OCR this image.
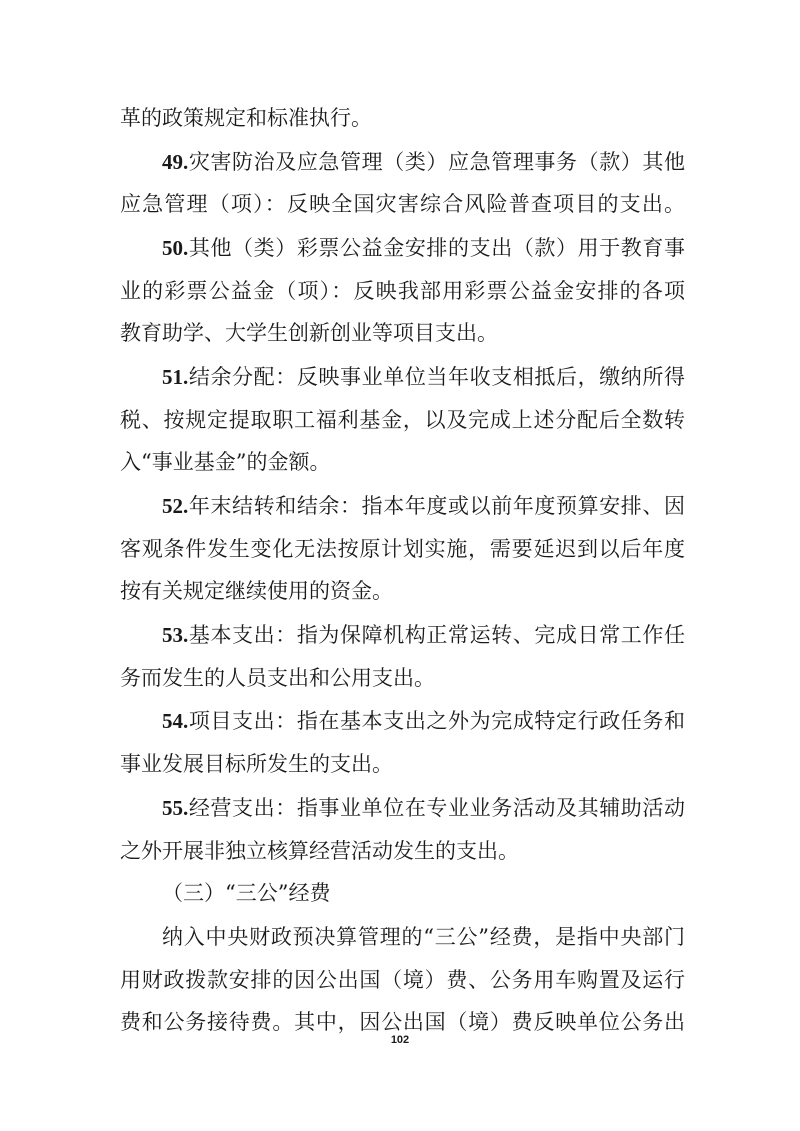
革的政策规定和标准执行。
49.灾害防治及应急管理（类）应急管理事务（款）其他
应急管理（项）：反映全国灾害综合风险普查项目的支出。
50.其他（类）彩票公益金安排的支出（款）用于教育事
业的彩票公益金（项）：反映我部用彩票公益金安排的各项
教育助学、大学生创新创业等项目支出。
51.结余分配：反映事业单位当年收支相抵后，缴纳所得
税、按规定提取职工福利基金，以及完成上述分配后全数转
入“事业基金”的金额。
52.年末结转和结余：指本年度或以前年度预算安排、因
客观条件发生变化无法按原计划实施，需要延迟到以后年度
按有关规定继续使用的资金。
53.基本支出：指为保障机构正常运转、完成日常工作任
务而发生的人员支出和公用支出。
54.项目支出：指在基本支出之外为完成特定行政任务和
事业发展目标所发生的支出。
55.经营支出：指事业单位在专业业务活动及其辅助活动
之外开展非独立核算经营活动发生的支出。
（三）“三公”经费
纳入中央财政预决算管理的“三公”经费，是指中央部门
用财政拨款安排的因公出国（境）费、公务用车购置及运行
费和公务接待费。其中，因公出国（境）费反映单位公务出
102
